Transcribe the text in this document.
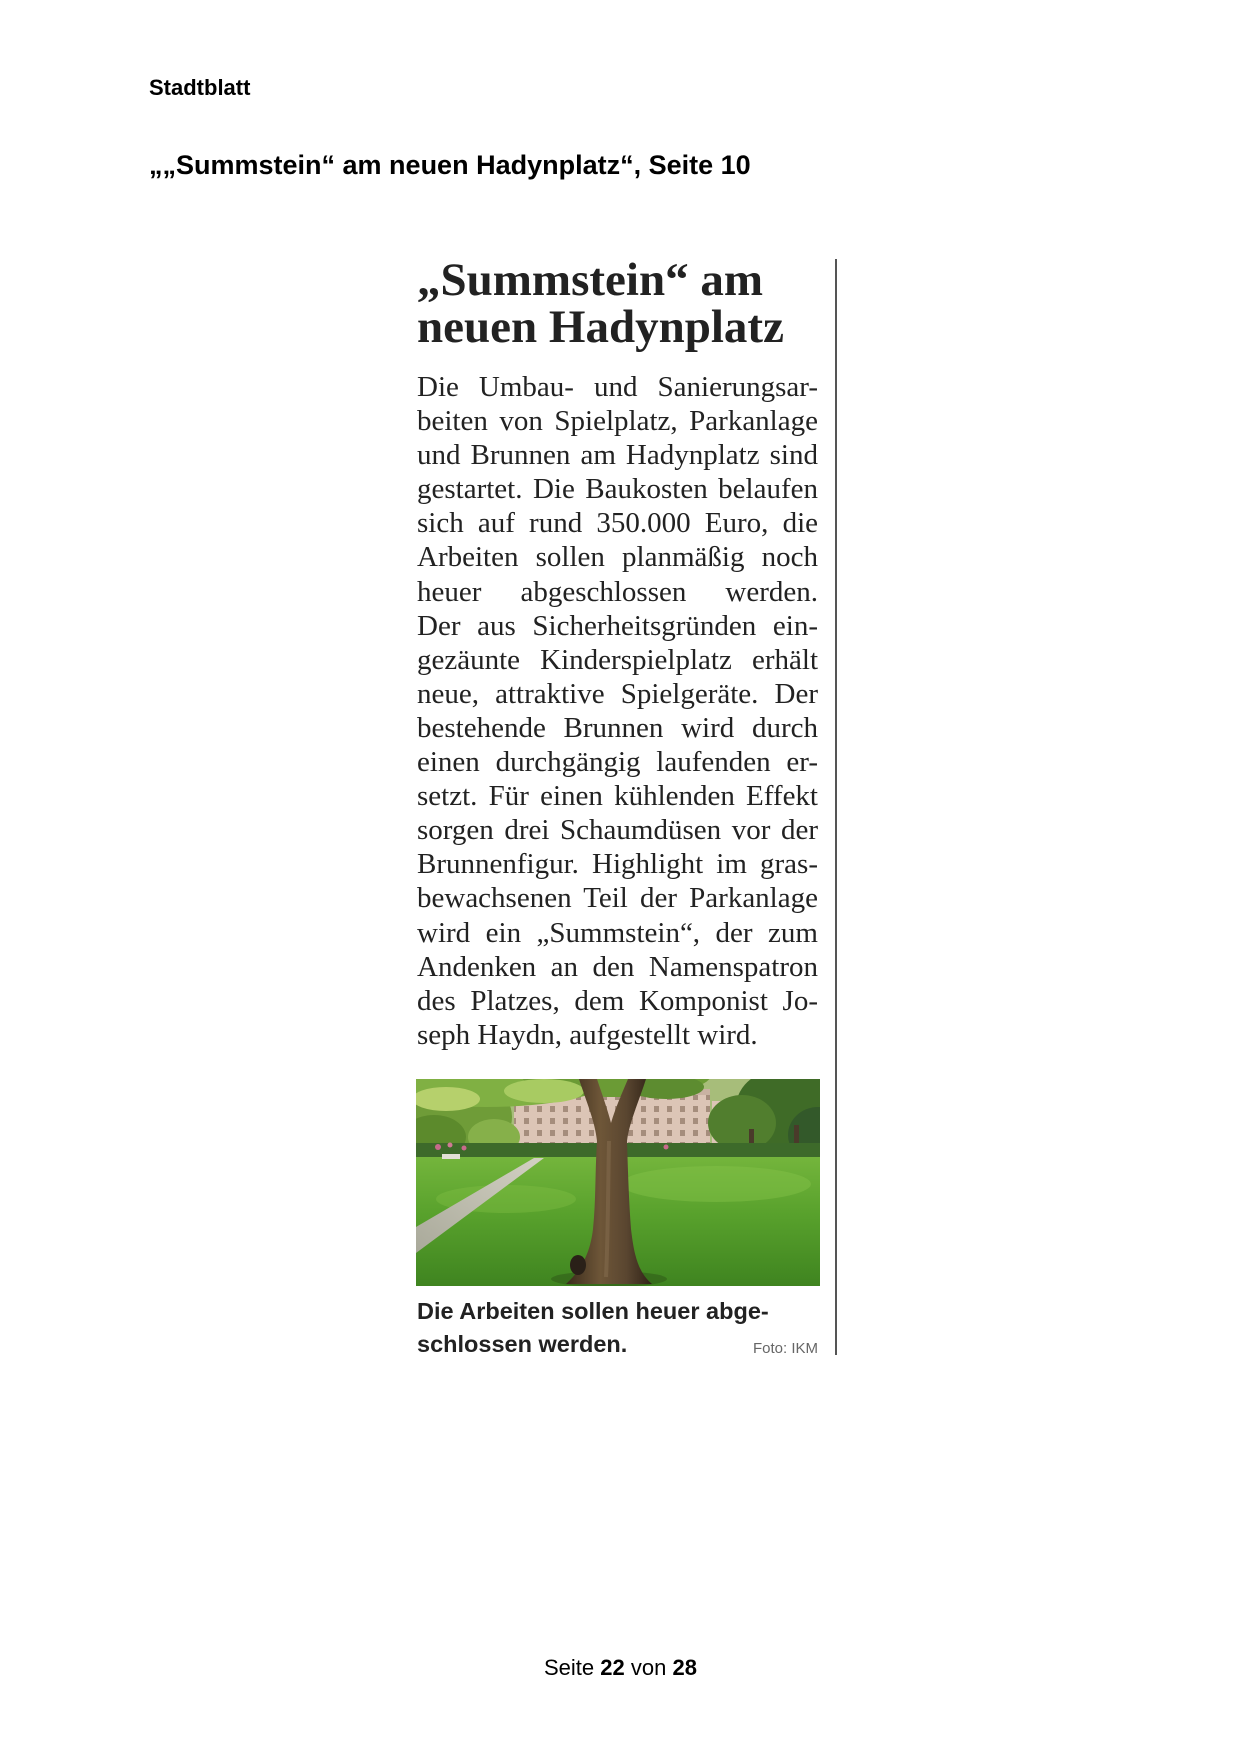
Stadtblatt
„„Summstein“ am neuen Hadynplatz“, Seite 10
„Summstein“ am
neuen Hadynplatz
Die Umbau- und Sanierungsar-
beiten von Spielplatz, Parkanlage
und Brunnen am Hadynplatz sind
gestartet. Die Baukosten belaufen
sich auf rund 350.000 Euro, die
Arbeiten sollen planmäßig noch
heuer abgeschlossen werden.
Der aus Sicherheitsgründen ein-
gezäunte Kinderspielplatz erhält
neue, attraktive Spielgeräte. Der
bestehende Brunnen wird durch
einen durchgängig laufenden er-
setzt. Für einen kühlenden Effekt
sorgen drei Schaumdüsen vor der
Brunnenfigur. Highlight im gras-
bewachsenen Teil der Parkanlage
wird ein „Summstein“, der zum
Andenken an den Namenspatron
des Platzes, dem Komponist Jo-
seph Haydn, aufgestellt wird.
Die Arbeiten sollen heuer abge-
schlossen werden.	Foto: IKM
Seite 22 von 28
